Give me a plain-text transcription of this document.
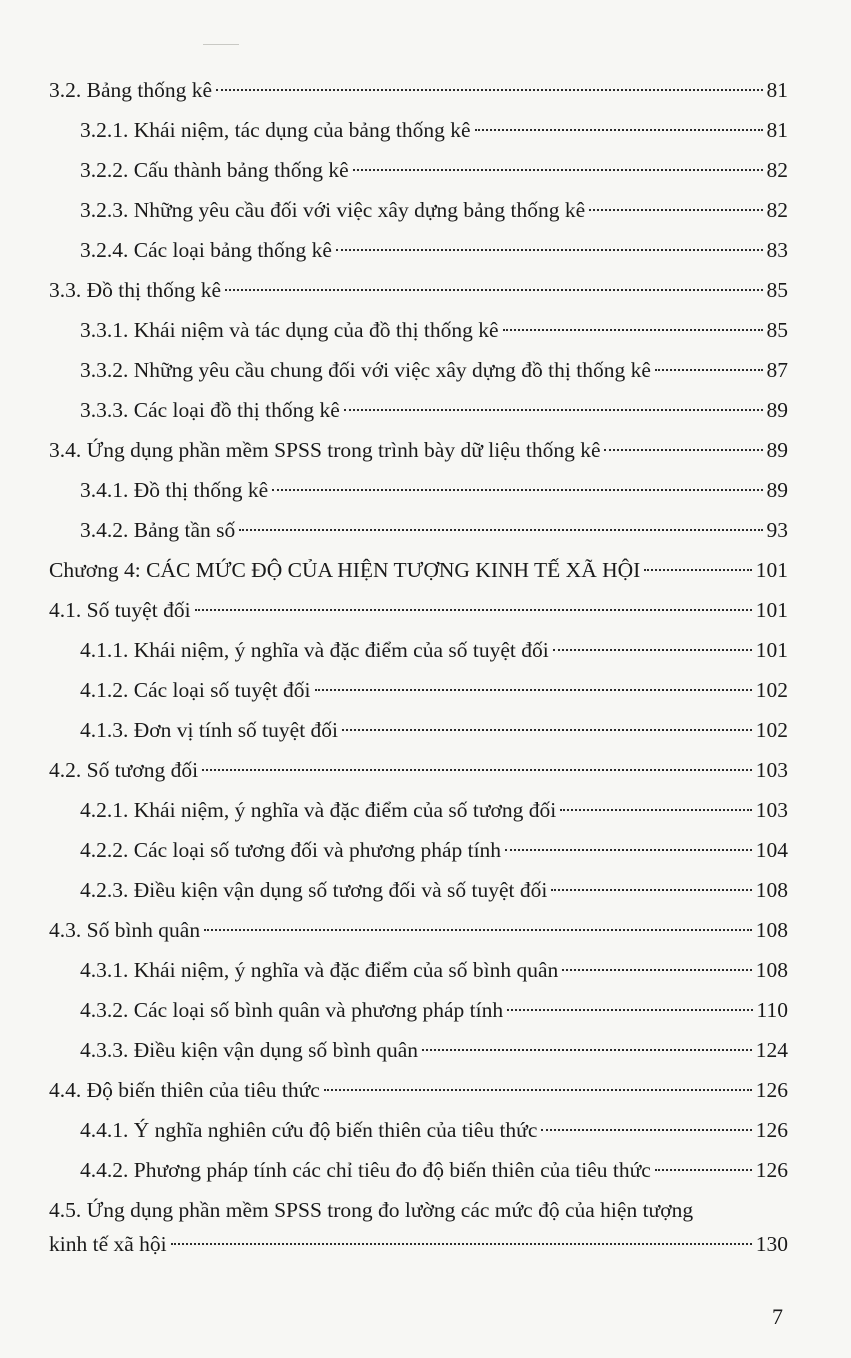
3.2. Bảng thống kê	81
3.2.1. Khái niệm, tác dụng của bảng thống kê	81
3.2.2. Cấu thành bảng thống kê	82
3.2.3. Những yêu cầu đối với việc xây dựng bảng thống kê	82
3.2.4. Các loại bảng thống kê	83
3.3. Đồ thị thống kê	85
3.3.1. Khái niệm và tác dụng của đồ thị thống kê	85
3.3.2. Những yêu cầu chung đối với việc xây dựng đồ thị thống kê	87
3.3.3. Các loại đồ thị thống kê	89
3.4. Ứng dụng phần mềm SPSS trong trình bày dữ liệu thống kê	89
3.4.1. Đồ thị thống kê	89
3.4.2. Bảng tần số	93
Chương 4: CÁC MỨC ĐỘ CỦA HIỆN TƯỢNG KINH TẾ XÃ HỘI	101
4.1. Số tuyệt đối	101
4.1.1. Khái niệm, ý nghĩa và đặc điểm của số tuyệt đối	101
4.1.2. Các loại số tuyệt đối	102
4.1.3. Đơn vị tính số tuyệt đối	102
4.2. Số tương đối	103
4.2.1. Khái niệm, ý nghĩa và đặc điểm của số tương đối	103
4.2.2. Các loại số tương đối và phương pháp tính	104
4.2.3. Điều kiện vận dụng số tương đối và số tuyệt đối	108
4.3. Số bình quân	108
4.3.1. Khái niệm, ý nghĩa và đặc điểm của số bình quân	108
4.3.2. Các loại số bình quân và phương pháp tính	110
4.3.3. Điều kiện vận dụng số bình quân	124
4.4. Độ biến thiên của tiêu thức	126
4.4.1. Ý nghĩa nghiên cứu độ biến thiên của tiêu thức	126
4.4.2. Phương pháp tính các chỉ tiêu đo độ biến thiên của tiêu thức	126
4.5. Ứng dụng phần mềm SPSS trong đo lường các mức độ của hiện tượng
kinh tế xã hội	130
7
